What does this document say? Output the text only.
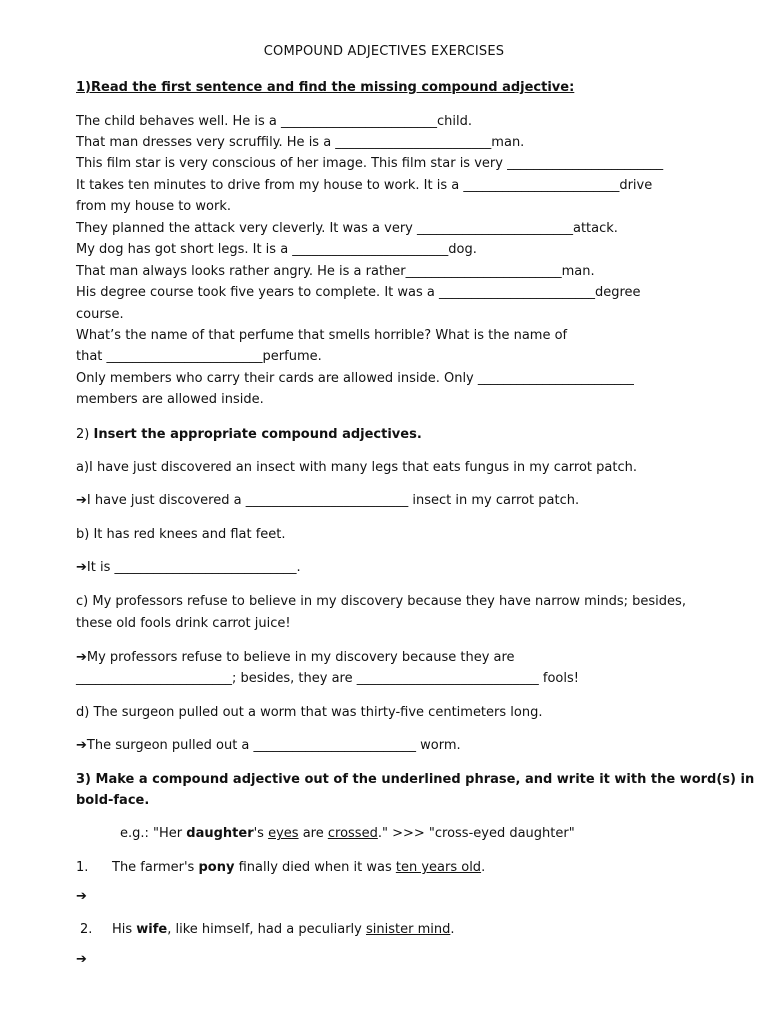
COMPOUND ADJECTIVES EXERCISES
1)Read the first sentence and find the missing compound adjective:
The child behaves well. He is a ________________________child.
That man dresses very scruffily. He is a ________________________man.
This film star is very conscious of her image. This film star is very ________________________
It takes ten minutes to drive from my house to work. It is a ________________________drive
from my house to work.
They planned the attack very cleverly. It was a very ________________________attack.
My dog has got short legs. It is a ________________________dog.
That man always looks rather angry. He is a rather________________________man.
His degree course took five years to complete. It was a ________________________degree
course.
What’s the name of that perfume that smells horrible? What is the name of
that ________________________perfume.
Only members who carry their cards are allowed inside. Only ________________________
members are allowed inside.
2) Insert the appropriate compound adjectives.
a)I have just discovered an insect with many legs that eats fungus in my carrot patch.
➔I have just discovered a _________________________ insect in my carrot patch.
b) It has red knees and flat feet.
➔It is ____________________________.
c) My professors refuse to believe in my discovery because they have narrow minds; besides,
these old fools drink carrot juice!
➔My professors refuse to believe in my discovery because they are
________________________; besides, they are ____________________________ fools!
d) The surgeon pulled out a worm that was thirty-five centimeters long.
➔The surgeon pulled out a _________________________ worm.
3) Make a compound adjective out of the underlined phrase, and write it with the word(s) in
bold-face.
e.g.: "Her daughter's eyes are crossed." >>> "cross-eyed daughter"
1. The farmer's pony finally died when it was ten years old.
➔
2. His wife, like himself, had a peculiarly sinister mind.
➔
